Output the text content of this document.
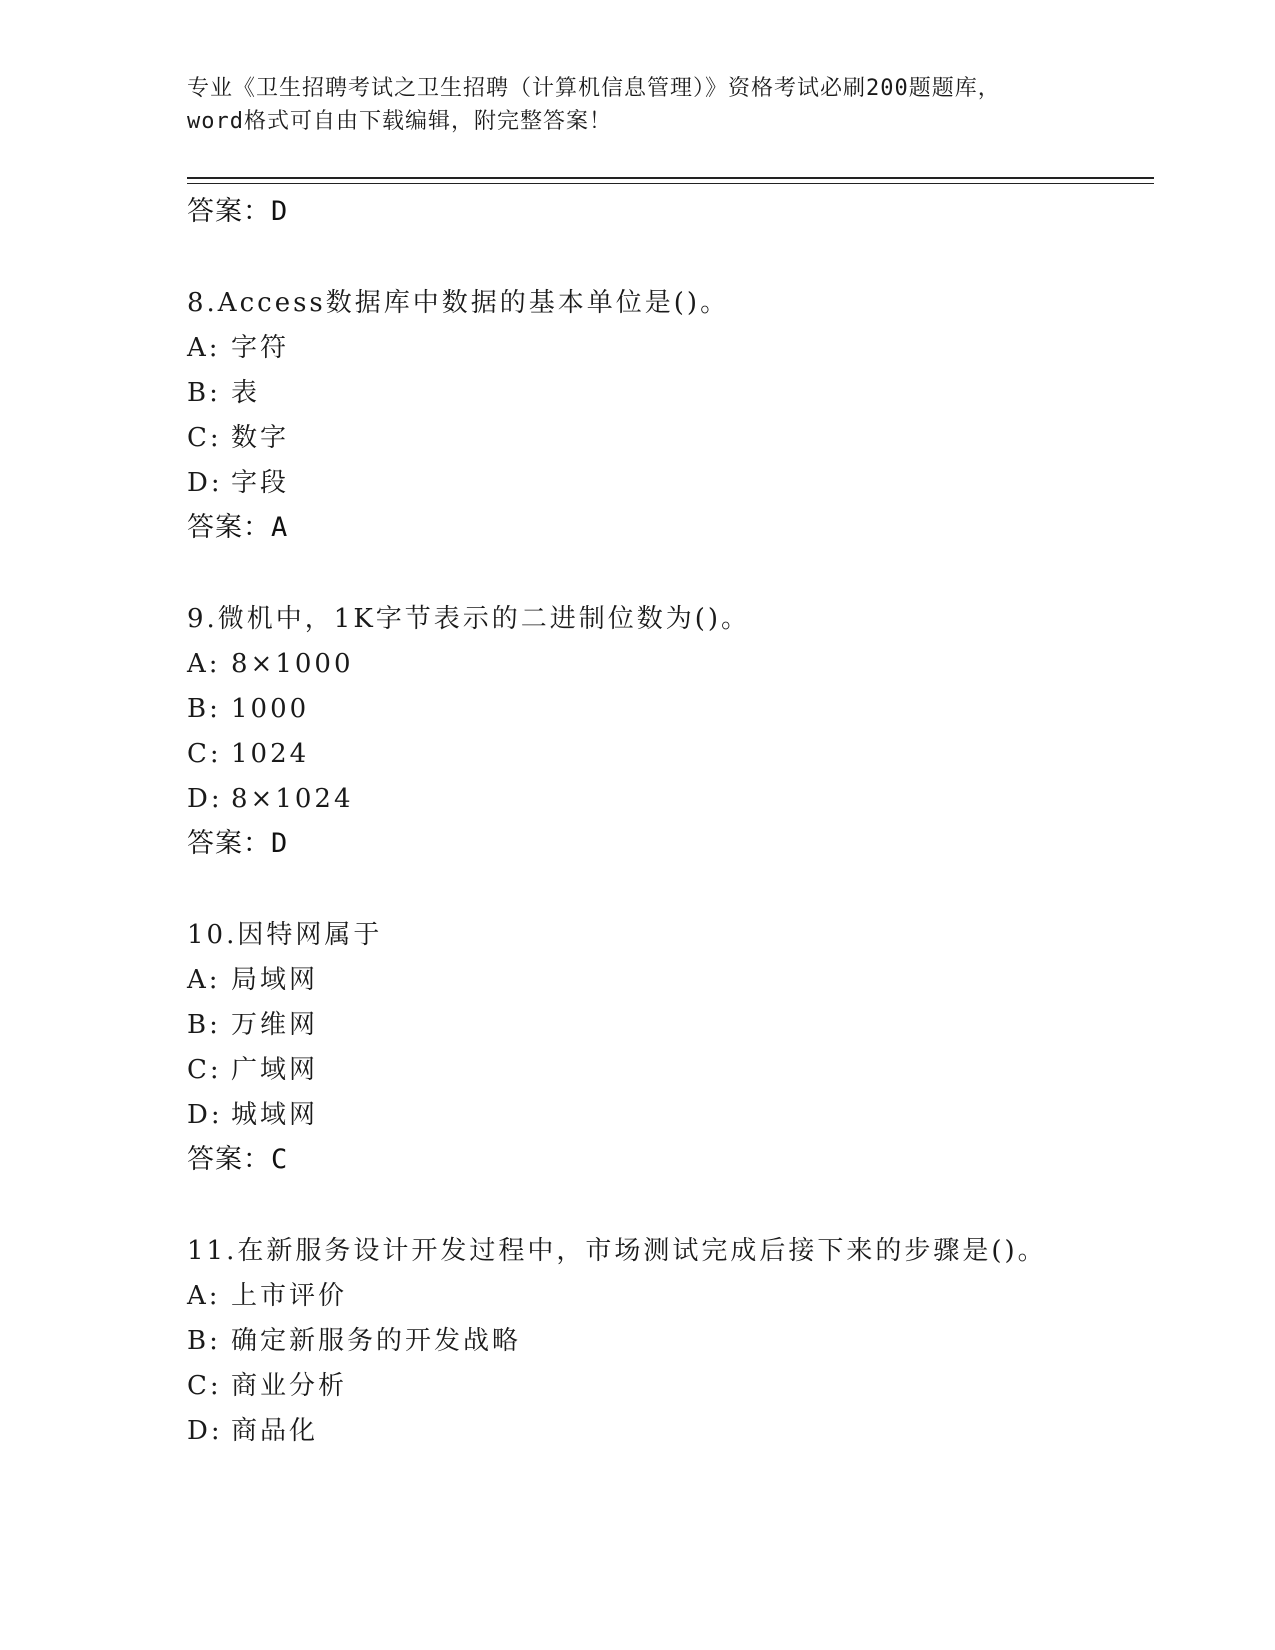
专业《卫生招聘考试之卫生招聘（计算机信息管理）》资格考试必刷200题题库，
word格式可自由下载编辑，附完整答案！
答案：D
8.Access数据库中数据的基本单位是()。
A: 字符
B: 表
C: 数字
D: 字段
答案：A
9.微机中，1K字节表示的二进制位数为()。
A: 8×1000
B: 1000
C: 1024
D: 8×1024
答案：D
10.因特网属于
A: 局域网
B: 万维网
C: 广域网
D: 城域网
答案：C
11.在新服务设计开发过程中，市场测试完成后接下来的步骤是()。
A: 上市评价
B: 确定新服务的开发战略
C: 商业分析
D: 商品化
